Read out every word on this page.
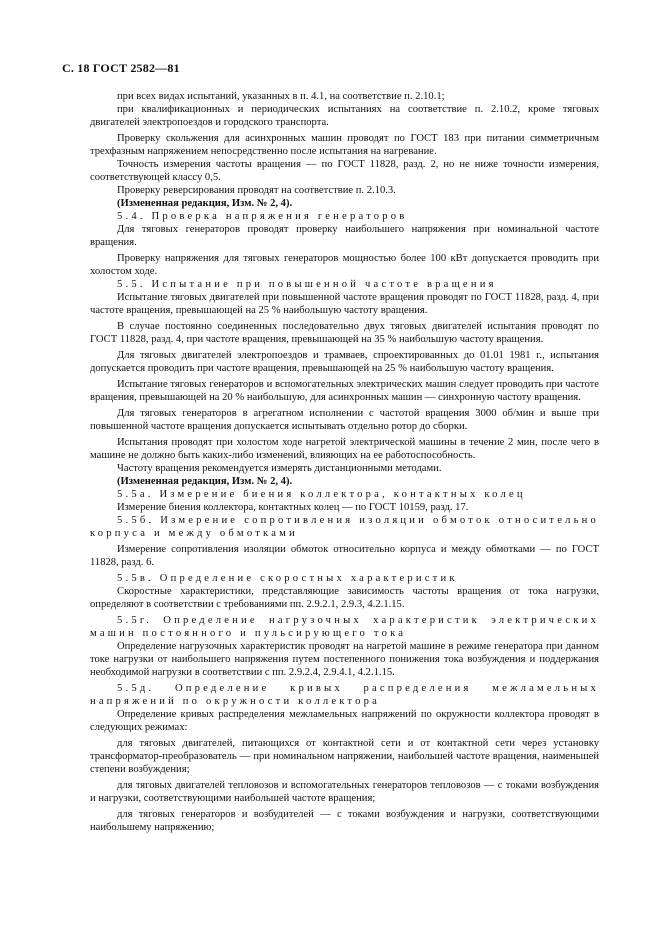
С. 18 ГОСТ 2582—81

при всех видах испытаний, указанных в п. 4.1, на соответствие п. 2.10.1;

при квалификационных и периодических испытаниях на соответствие п. 2.10.2, кроме тяговых двигателей электропоездов и городского транспорта.

Проверку скольжения для асинхронных машин проводят по ГОСТ 183 при питании симметричным трехфазным напряжением непосредственно после испытания на нагревание.

Точность измерения частоты вращения — по ГОСТ 11828, разд. 2, но не ниже точности измерения, соответствующей классу 0,5.

Проверку реверсирования проводят на соответствие п. 2.10.3.

(Измененная редакция, Изм. № 2, 4).

5.4. Проверка напряжения генераторов

Для тяговых генераторов проводят проверку наибольшего напряжения при номинальной частоте вращения.

Проверку напряжения для тяговых генераторов мощностью более 100 кВт допускается проводить при холостом ходе.

5.5. Испытание при повышенной частоте вращения

Испытание тяговых двигателей при повышенной частоте вращения проводят по ГОСТ 11828, разд. 4, при частоте вращения, превышающей на 25 % наибольшую частоту вращения.

В случае постоянно соединенных последовательно двух тяговых двигателей испытания проводят по ГОСТ 11828, разд. 4, при частоте вращения, превышающей на 35 % наибольшую частоту вращения.

Для тяговых двигателей электропоездов и трамваев, спроектированных до 01.01 1981 г., испытания допускается проводить при частоте вращения, превышающей на 25 % наибольшую частоту вращения.

Испытание тяговых генераторов и вспомогательных электрических машин следует проводить при частоте вращения, превышающей на 20 % наибольшую, для асинхронных машин — синхронную частоту вращения.

Для тяговых генераторов в агрегатном исполнении с частотой вращения 3000 об/мин и выше при повышенной частоте вращения допускается испытывать отдельно ротор до сборки.

Испытания проводят при холостом ходе нагретой электрической машины в течение 2 мин, после чего в машине не должно быть каких-либо изменений, влияющих на ее работоспособность.

Частоту вращения рекомендуется измерять дистанционными методами.

(Измененная редакция, Изм. № 2, 4).

5.5а. Измерение биения коллектора, контактных колец

Измерение биения коллектора, контактных колец — по ГОСТ 10159, разд. 17.

5.5б. Измерение сопротивления изоляции обмоток относительно корпуса и между обмотками

Измерение сопротивления изоляции обмоток относительно корпуса и между обмотками — по ГОСТ 11828, разд. 6.

5.5в. Определение скоростных характеристик

Скоростные характеристики, представляющие зависимость частоты вращения от тока нагрузки, определяют в соответствии с требованиями пп. 2.9.2.1, 2.9.3, 4.2.1.15.

5.5г. Определение нагрузочных характеристик электрических машин постоянного и пульсирующего тока

Определение нагрузочных характеристик проводят на нагретой машине в режиме генератора при данном токе нагрузки от наибольшего напряжения путем постепенного понижения тока возбуждения и поддержания необходимой нагрузки в соответствии с пп. 2.9.2.4, 2.9.4.1, 4.2.1.15.

5.5д. Определение кривых распределения межламельных напряжений по окружности коллектора

Определение кривых распределения межламельных напряжений по окружности коллектора проводят в следующих режимах:

для тяговых двигателей, питающихся от контактной сети и от контактной сети через установку трансформатор-преобразователь — при номинальном напряжении, наибольшей частоте вращения, наименьшей степени возбуждения;

для тяговых двигателей тепловозов и вспомогательных генераторов тепловозов — с токами возбуждения и нагрузки, соответствующими наибольшей частоте вращения;

для тяговых генераторов и возбудителей — с токами возбуждения и нагрузки, соответствующими наибольшему напряжению;
